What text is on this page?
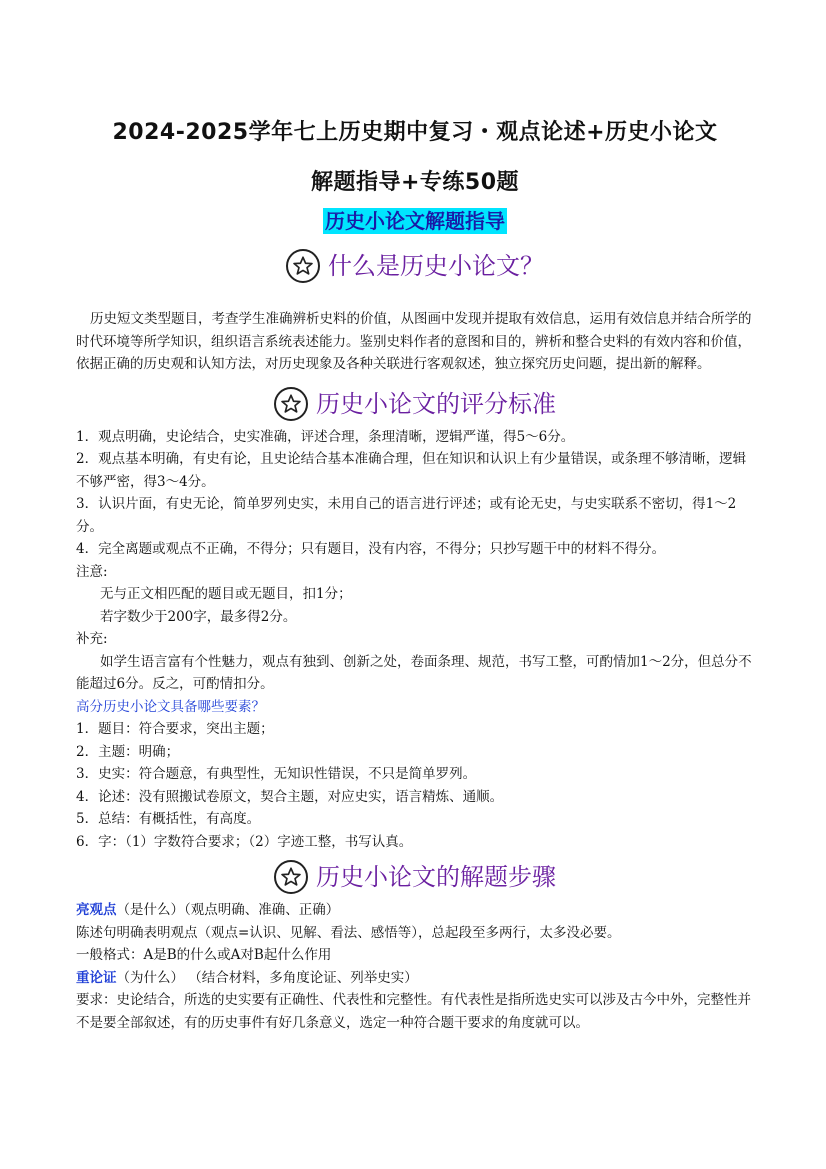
2024-2025学年七上历史期中复习・观点论述+历史小论文
解题指导+专练50题
历史小论文解题指导
什么是历史小论文？

历史短文类型题目，考查学生准确辨析史料的价值，从图画中发现并提取有效信息，运用有效信息并结合所学的时代环境等所学知识，组织语言系统表述能力。鉴别史料作者的意图和目的，辨析和整合史料的有效内容和价值，依据正确的历史观和认知方法，对历史现象及各种关联进行客观叙述，独立探究历史问题，提出新的解释。

历史小论文的评分标准

1．观点明确，史论结合，史实准确，评述合理，条理清晰，逻辑严谨，得5～6分。

2．观点基本明确，有史有论，且史论结合基本准确合理，但在知识和认识上有少量错误，或条理不够清晰，逻辑不够严密，得3～4分。

3．认识片面，有史无论，简单罗列史实，未用自己的语言进行评述；或有论无史，与史实联系不密切，得1～2分。

4．完全离题或观点不正确，不得分；只有题目，没有内容，不得分；只抄写题干中的材料不得分。

注意:

无与正文相匹配的题目或无题目，扣1分；

若字数少于200字，最多得2分。

补充:

如学生语言富有个性魅力，观点有独到、创新之处，卷面条理、规范，书写工整，可酌情加1～2分，但总分不能超过6分。反之，可酌情扣分。

高分历史小论文具备哪些要素？

1．题目：符合要求，突出主题；

2．主题：明确；

3．史实：符合题意，有典型性，无知识性错误，不只是简单罗列。

4．论述：没有照搬试卷原文，契合主题，对应史实，语言精炼、通顺。

5．总结：有概括性，有高度。

6．字：（1）字数符合要求；（2）字迹工整，书写认真。

历史小论文的解题步骤

亮观点（是什么）（观点明确、准确、正确）

陈述句明确表明观点（观点=认识、见解、看法、感悟等），总起段至多两行，太多没必要。

一般格式：A是B的什么或A对B起什么作用

重论证（为什么） （结合材料，多角度论证、列举史实）

要求：史论结合，所选的史实要有正确性、代表性和完整性。有代表性是指所选史实可以涉及古今中外，完整性并不是要全部叙述，有的历史事件有好几条意义，选定一种符合题干要求的角度就可以。
